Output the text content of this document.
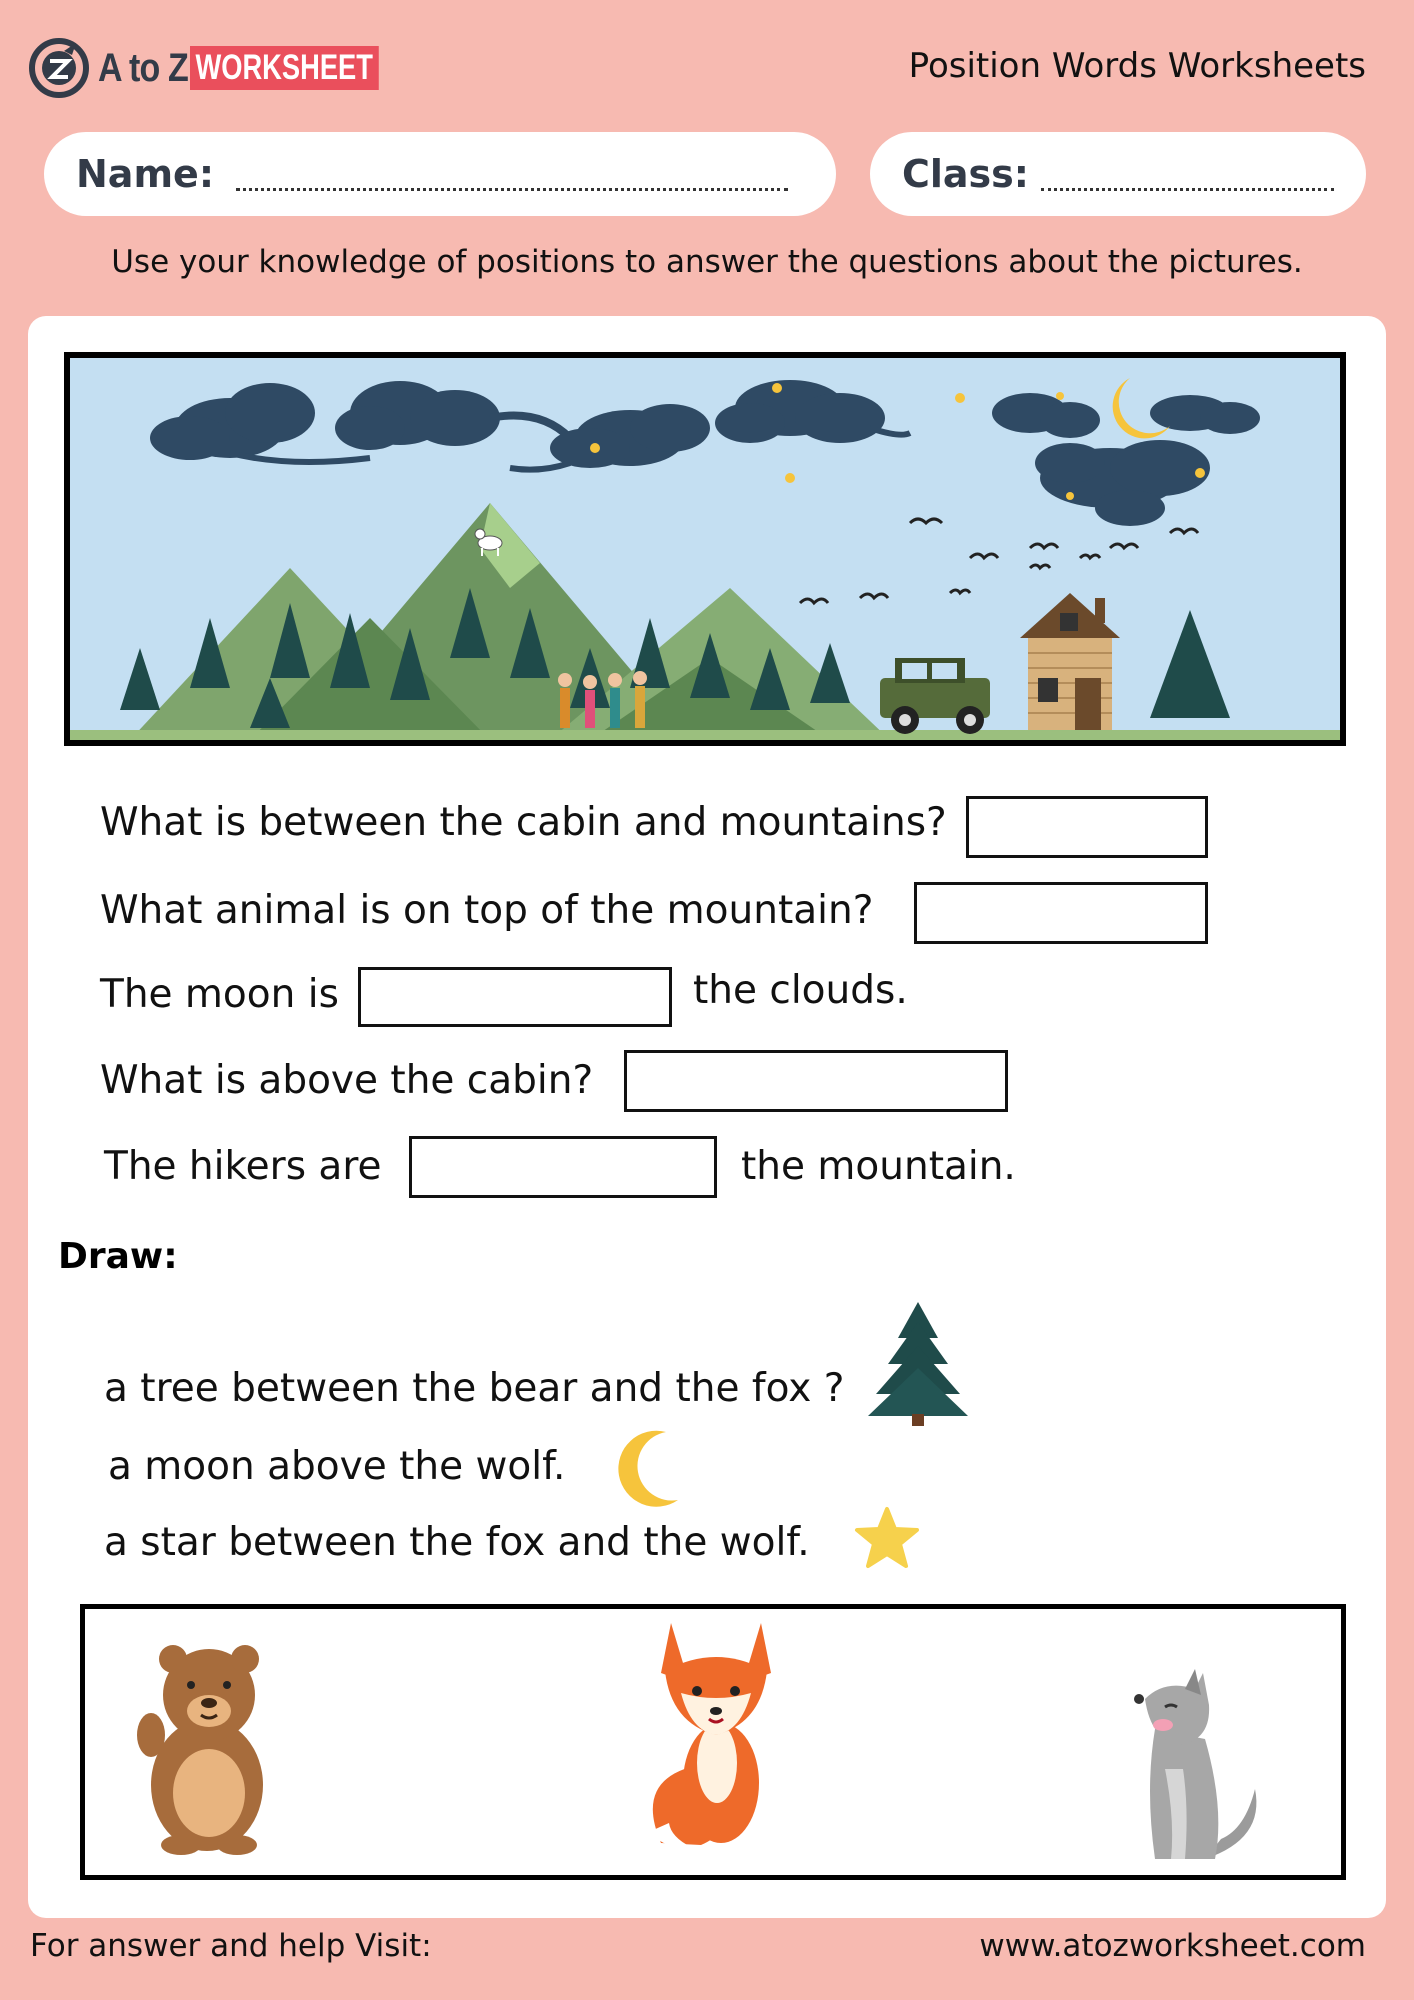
A to Z WORKSHEET	Position Words Worksheets
Name:	Class:
Use your knowledge of positions to answer the questions about the pictures.
What is between the cabin and mountains?
What animal is on top of the mountain?
The moon is	the clouds.
What is above the cabin?
The hikers are	the mountain.
Draw:
a tree between the bear and the fox ?
a moon above the wolf.
a star between the fox and the wolf.
For answer and help Visit:	www.atozworksheet.com
